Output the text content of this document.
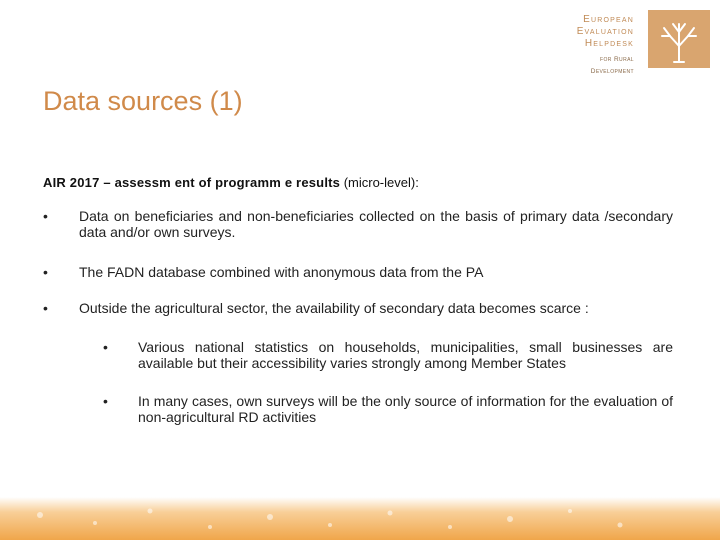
European
Evaluation
Helpdesk
for Rural Development
Data sources (1)
AIR 2017 – assessm ent of programm e results (micro-level):
• Data on beneficiaries and non-beneficiaries collected on the basis of primary data /secondary data and/or own surveys.
• The FADN database combined with anonymous data from the PA
• Outside the agricultural sector, the availability of secondary data becomes scarce :
• Various national statistics on households, municipalities, small businesses are available but their accessibility varies strongly among Member States
• In many cases, own surveys will be the only source of information for the evaluation of non-agricultural RD activities
47
